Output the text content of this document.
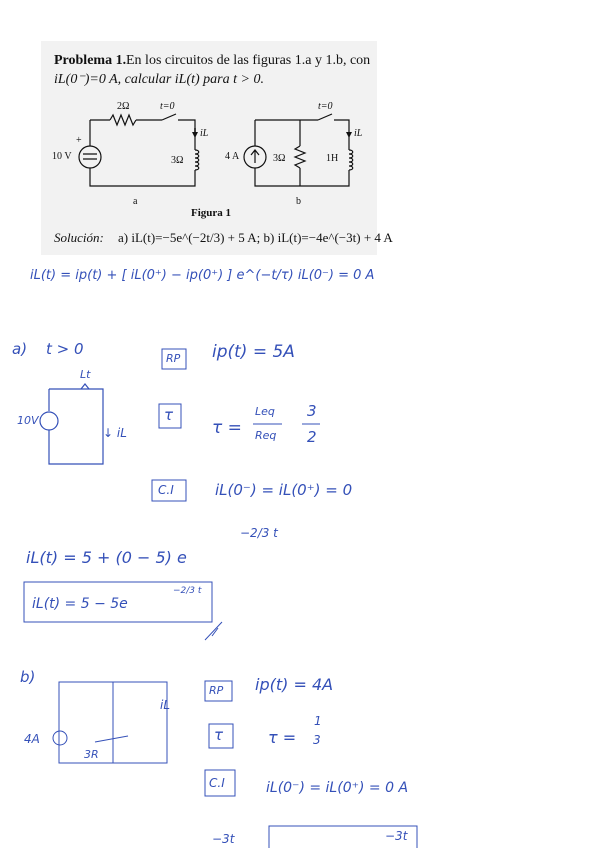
Problema 1. En los circuitos de las figuras 1.a y 1.b, con
iL(0⁻)=0 A, calcular iL(t) para t > 0.
+
2Ω	t=0
iL
10 V	3Ω
a
t=0
iL
4 A	3Ω	1H
b
Figura 1
Solución: a) iL(t)=−5e^(−2t/3) + 5 A; b) iL(t)=−4e^(−3t) + 4 A
iL(t) = ip(t) + [ iL(0⁺) − ip(0⁺) ] e^(−t/τ) iL(0⁻) = 0 A
a) t > 0
Lt
10V
↓ iL
RP ip(t) = 5A
τ
τ =
Leq
Req
3
2
C.I	iL(0⁻) = iL(0⁺) = 0
iL(t) = 5 + (0 − 5) e
−2/3 t
iL(t) = 5 − 5e
−2/3 t
b)
iL
4A
3R
RP ip(t) = 4A
τ	τ =
1
3
C.I	iL(0⁻) = iL(0⁺) = 0 A
−3t	−3t
